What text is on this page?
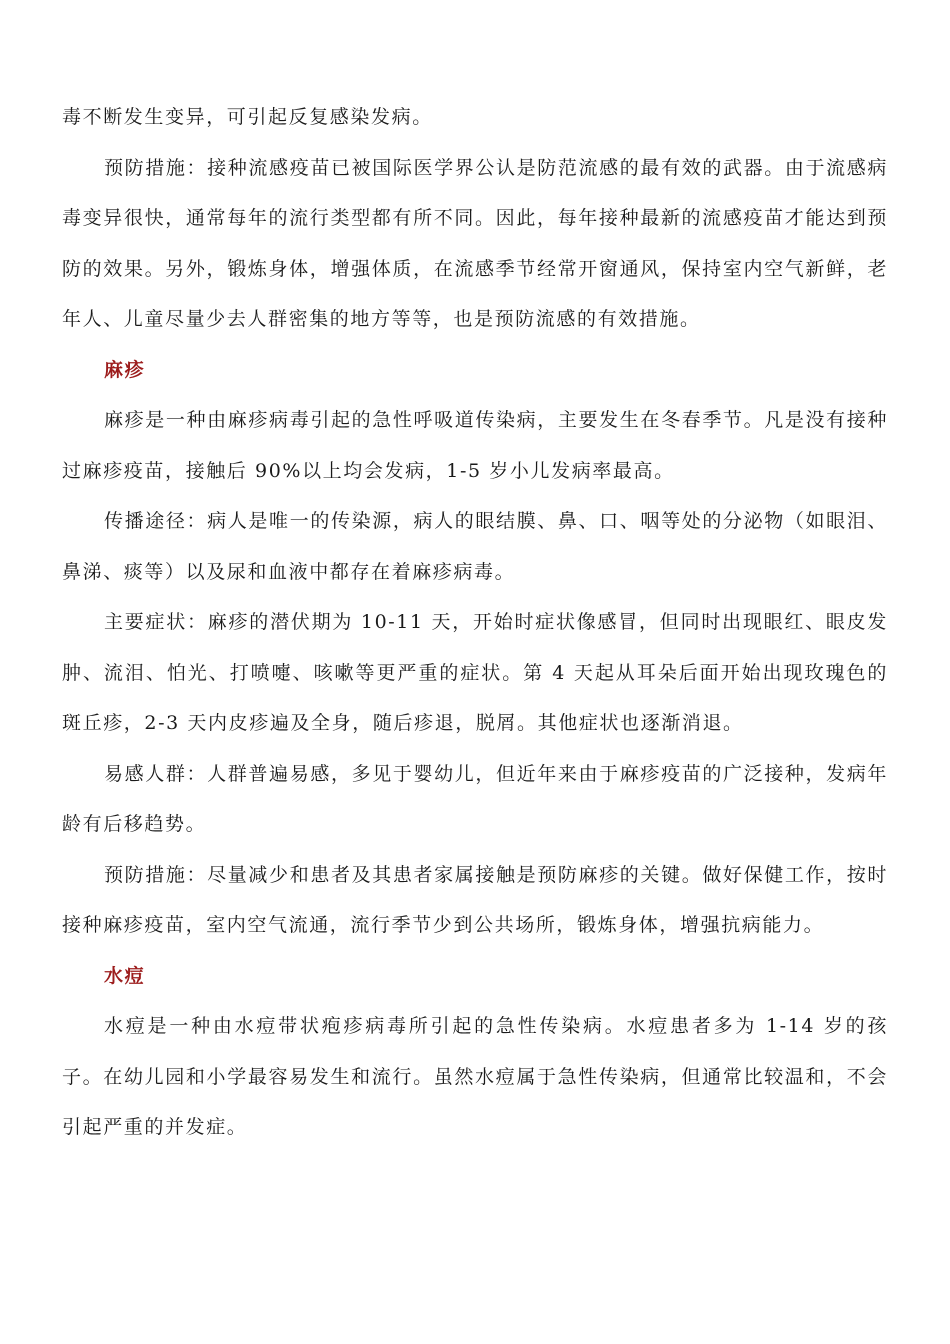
毒不断发生变异，可引起反复感染发病。

预防措施：接种流感疫苗已被国际医学界公认是防范流感的最有效的武器。由于流感病毒变异很快，通常每年的流行类型都有所不同。因此，每年接种最新的流感疫苗才能达到预防的效果。另外，锻炼身体，增强体质，在流感季节经常开窗通风，保持室内空气新鲜，老年人、儿童尽量少去人群密集的地方等等，也是预防流感的有效措施。

麻疹

麻疹是一种由麻疹病毒引起的急性呼吸道传染病，主要发生在冬春季节。凡是没有接种过麻疹疫苗，接触后 90%以上均会发病，1-5 岁小儿发病率最高。

传播途径：病人是唯一的传染源，病人的眼结膜、鼻、口、咽等处的分泌物（如眼泪、鼻涕、痰等）以及尿和血液中都存在着麻疹病毒。

主要症状：麻疹的潜伏期为 10-11 天，开始时症状像感冒，但同时出现眼红、眼皮发肿、流泪、怕光、打喷嚏、咳嗽等更严重的症状。第 4 天起从耳朵后面开始出现玫瑰色的斑丘疹，2-3 天内皮疹遍及全身，随后疹退，脱屑。其他症状也逐渐消退。

易感人群：人群普遍易感，多见于婴幼儿，但近年来由于麻疹疫苗的广泛接种，发病年龄有后移趋势。

预防措施：尽量减少和患者及其患者家属接触是预防麻疹的关键。做好保健工作，按时接种麻疹疫苗，室内空气流通，流行季节少到公共场所，锻炼身体，增强抗病能力。

水痘

水痘是一种由水痘带状疱疹病毒所引起的急性传染病。水痘患者多为 1-14 岁的孩子。在幼儿园和小学最容易发生和流行。虽然水痘属于急性传染病，但通常比较温和，不会引起严重的并发症。
